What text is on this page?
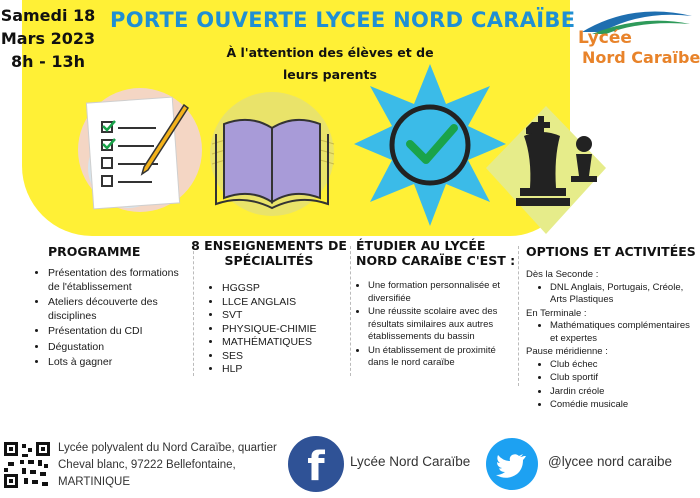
Samedi 18
Mars 2023
8h - 13h
PORTE OUVERTE LYCEE NORD CARAÏBE
À l'attention des élèves et de
leurs parents
Lycée
Nord Caraïbe
PROGRAMME
• Présentation des formations de l'établissement
• Ateliers découverte des disciplines
• Présentation du CDI
• Dégustation
• Lots à gagner
8 ENSEIGNEMENTS DE
SPÉCIALITÉS
• HGGSP
• LLCE ANGLAIS
• SVT
• PHYSIQUE-CHIMIE
• MATHÉMATIQUES
• SES
• HLP
ÉTUDIER AU LYCÉE
NORD CARAÏBE C'EST :
• Une formation personnalisée et diversifiée
• Une réussite scolaire avec des résultats similaires aux autres établissements du bassin
• Un établissement de proximité dans le nord caraïbe
OPTIONS ET ACTIVITÉES
Dès la Seconde :
• DNL Anglais, Portugais, Créole, Arts Plastiques
En Terminale :
• Mathématiques complémentaires et expertes
Pause méridienne :
• Club échec
• Club sportif
• Jardin créole
• Comédie musicale
Lycée polyvalent du Nord Caraïbe, quartier
Cheval blanc, 97222 Bellefontaine,
MARTINIQUE	f	Lycée Nord Caraïbe	@lycee nord caraibe
